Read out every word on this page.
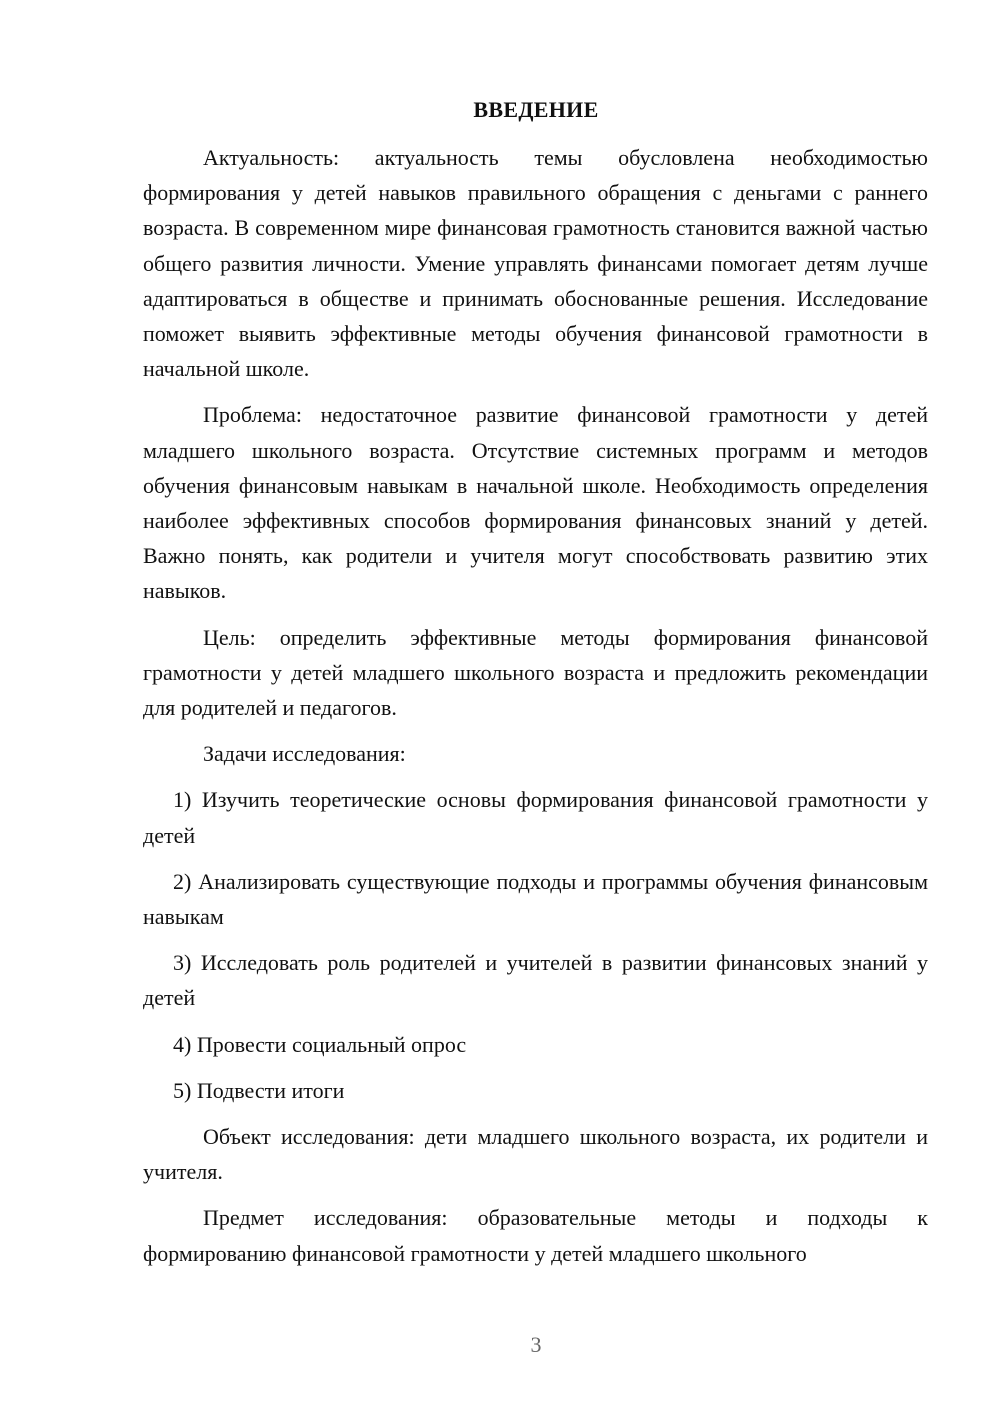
ВВЕДЕНИЕ

Актуальность: актуальность темы обусловлена необходимостью формирования у детей навыков правильного обращения с деньгами с раннего возраста. В современном мире финансовая грамотность становится важной частью общего развития личности. Умение управлять финансами помогает детям лучше адаптироваться в обществе и принимать обоснованные решения. Исследование поможет выявить эффективные методы обучения финансовой грамотности в начальной школе.

Проблема: недостаточное развитие финансовой грамотности у детей младшего школьного возраста. Отсутствие системных программ и методов обучения финансовым навыкам в начальной школе. Необходимость определения наиболее эффективных способов формирования финансовых знаний у детей. Важно понять, как родители и учителя могут способствовать развитию этих навыков.

Цель: определить эффективные методы формирования финансовой грамотности у детей младшего школьного возраста и предложить рекомендации для родителей и педагогов.

Задачи исследования:

1) Изучить теоретические основы формирования финансовой грамотности у детей

2) Анализировать существующие подходы и программы обучения финансовым навыкам

3) Исследовать роль родителей и учителей в развитии финансовых знаний у детей

4) Провести социальный опрос

5) Подвести итоги

Объект исследования: дети младшего школьного возраста, их родители и учителя.

Предмет исследования: образовательные методы и подходы к формированию финансовой грамотности у детей младшего школьного

3
